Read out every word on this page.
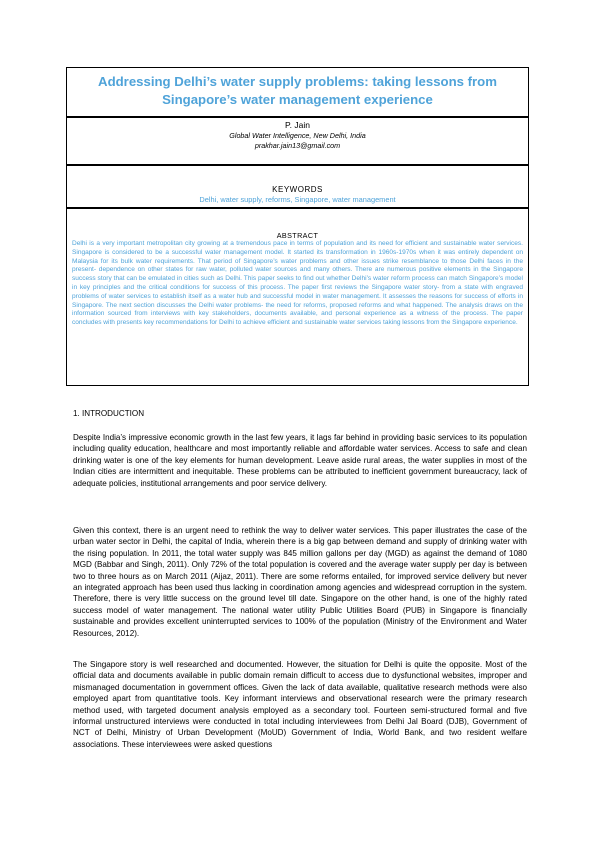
Addressing Delhi’s water supply problems: taking lessons from Singapore’s water management experience
P. Jain
Global Water Intelligence, New Delhi, India
prakhar.jain13@gmail.com
KEYWORDS
Delhi, water supply, reforms, Singapore, water management
ABSTRACT
Delhi is a very important metropolitan city growing at a tremendous pace in terms of population and its need for efficient and sustainable water services. Singapore is considered to be a successful water management model. It started its transformation in 1960s-1970s when it was entirely dependent on Malaysia for its bulk water requirements. That period of Singapore’s water problems and other issues strike resemblance to those Delhi faces in the present- dependence on other states for raw water, polluted water sources and many others. There are numerous positive elements in the Singapore success story that can be emulated in cities such as Delhi. This paper seeks to find out whether Delhi’s water reform process can match Singapore’s model in key principles and the critical conditions for success of this process. The paper first reviews the Singapore water story- from a state with engraved problems of water services to establish itself as a water hub and successful model in water management. It assesses the reasons for success of efforts in Singapore. The next section discusses the Delhi water problems- the need for reforms, proposed reforms and what happened. The analysis draws on the information sourced from interviews with key stakeholders, documents available, and personal experience as a witness of the process. The paper concludes with presents key recommendations for Delhi to achieve efficient and sustainable water services taking lessons from the Singapore experience.
1. INTRODUCTION

Despite India’s impressive economic growth in the last few years, it lags far behind in providing basic services to its population including quality education, healthcare and most importantly reliable and affordable water services. Access to safe and clean drinking water is one of the key elements for human development. Leave aside rural areas, the water supplies in most of the Indian cities are intermittent and inequitable. These problems can be attributed to inefficient government bureaucracy, lack of adequate policies, institutional arrangements and poor service delivery.

Given this context, there is an urgent need to rethink the way to deliver water services. This paper illustrates the case of the urban water sector in Delhi, the capital of India, wherein there is a big gap between demand and supply of drinking water with the rising population. In 2011, the total water supply was 845 million gallons per day (MGD) as against the demand of 1080 MGD (Babbar and Singh, 2011). Only 72% of the total population is covered and the average water supply per day is between two to three hours as on March 2011 (Aijaz, 2011). There are some reforms entailed, for improved service delivery but never an integrated approach has been used thus lacking in coordination among agencies and widespread corruption in the system. Therefore, there is very little success on the ground level till date. Singapore on the other hand, is one of the highly rated success model of water management. The national water utility Public Utilities Board (PUB) in Singapore is financially sustainable and provides excellent uninterrupted services to 100% of the population (Ministry of the Environment and Water Resources, 2012).

The Singapore story is well researched and documented. However, the situation for Delhi is quite the opposite. Most of the official data and documents available in public domain remain difficult to access due to dysfunctional websites, improper and mismanaged documentation in government offices. Given the lack of data available, qualitative research methods were also employed apart from quantitative tools. Key informant interviews and observational research were the primary research method used, with targeted document analysis employed as a secondary tool. Fourteen semi-structured formal and five informal unstructured interviews were conducted in total including interviewees from Delhi Jal Board (DJB), Government of NCT of Delhi, Ministry of Urban Development (MoUD) Government of India, World Bank, and two resident welfare associations. These interviewees were asked questions
